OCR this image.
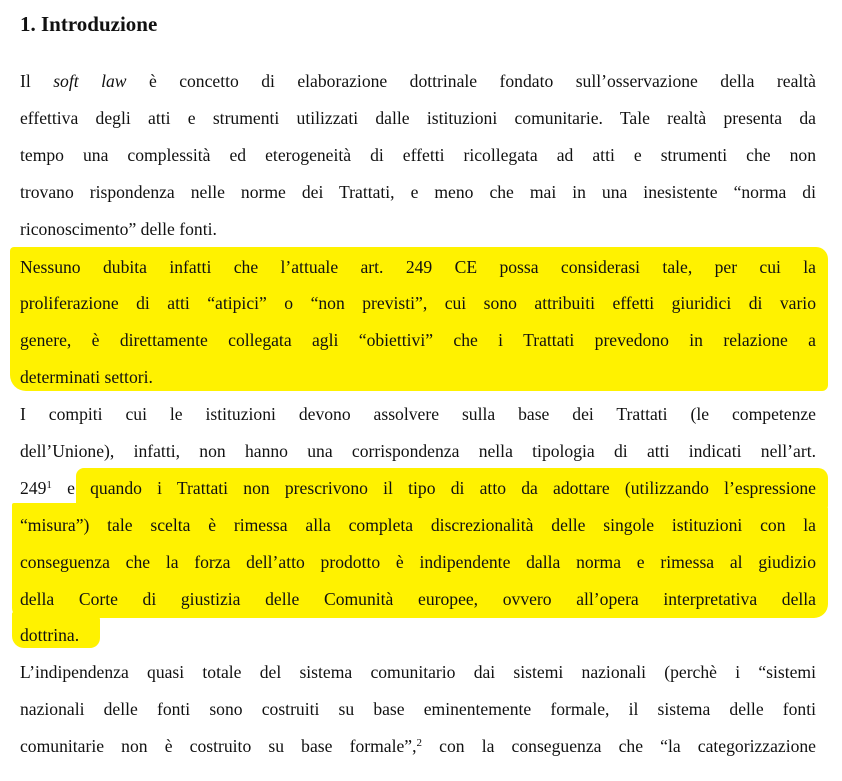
1. Introduzione
Il soft law è concetto di elaborazione dottrinale fondato sull’osservazione della realtà
effettiva degli atti e strumenti utilizzati dalle istituzioni comunitarie. Tale realtà presenta da
tempo una complessità ed eterogeneità di effetti ricollegata ad atti e strumenti che non
trovano rispondenza nelle norme dei Trattati, e meno che mai in una inesistente “norma di
riconoscimento” delle fonti.
Nessuno dubita infatti che l’attuale art. 249 CE possa considerasi tale, per cui la
proliferazione di atti “atipici” o “non previsti”, cui sono attribuiti effetti giuridici di vario
genere, è direttamente collegata agli “obiettivi” che i Trattati prevedono in relazione a
determinati settori.
I compiti cui le istituzioni devono assolvere sulla base dei Trattati (le competenze
dell’Unione), infatti, non hanno una corrispondenza nella tipologia di atti indicati nell’art.
$249^1$ e quando i Trattati non prescrivono il tipo di atto da adottare (utilizzando l’espressione
“misura”) tale scelta è rimessa alla completa discrezionalità delle singole istituzioni con la
conseguenza che la forza dell’atto prodotto è indipendente dalla norma e rimessa al giudizio
della Corte di giustizia delle Comunità europee, ovvero all’opera interpretativa della
dottrina.
L’indipendenza quasi totale del sistema comunitario dai sistemi nazionali (perchè i “sistemi
nazionali delle fonti sono costruiti su base eminentemente formale, il sistema delle fonti
comunitarie non è costruito su base formale”,$^2$ con la conseguenza che “la categorizzazione
